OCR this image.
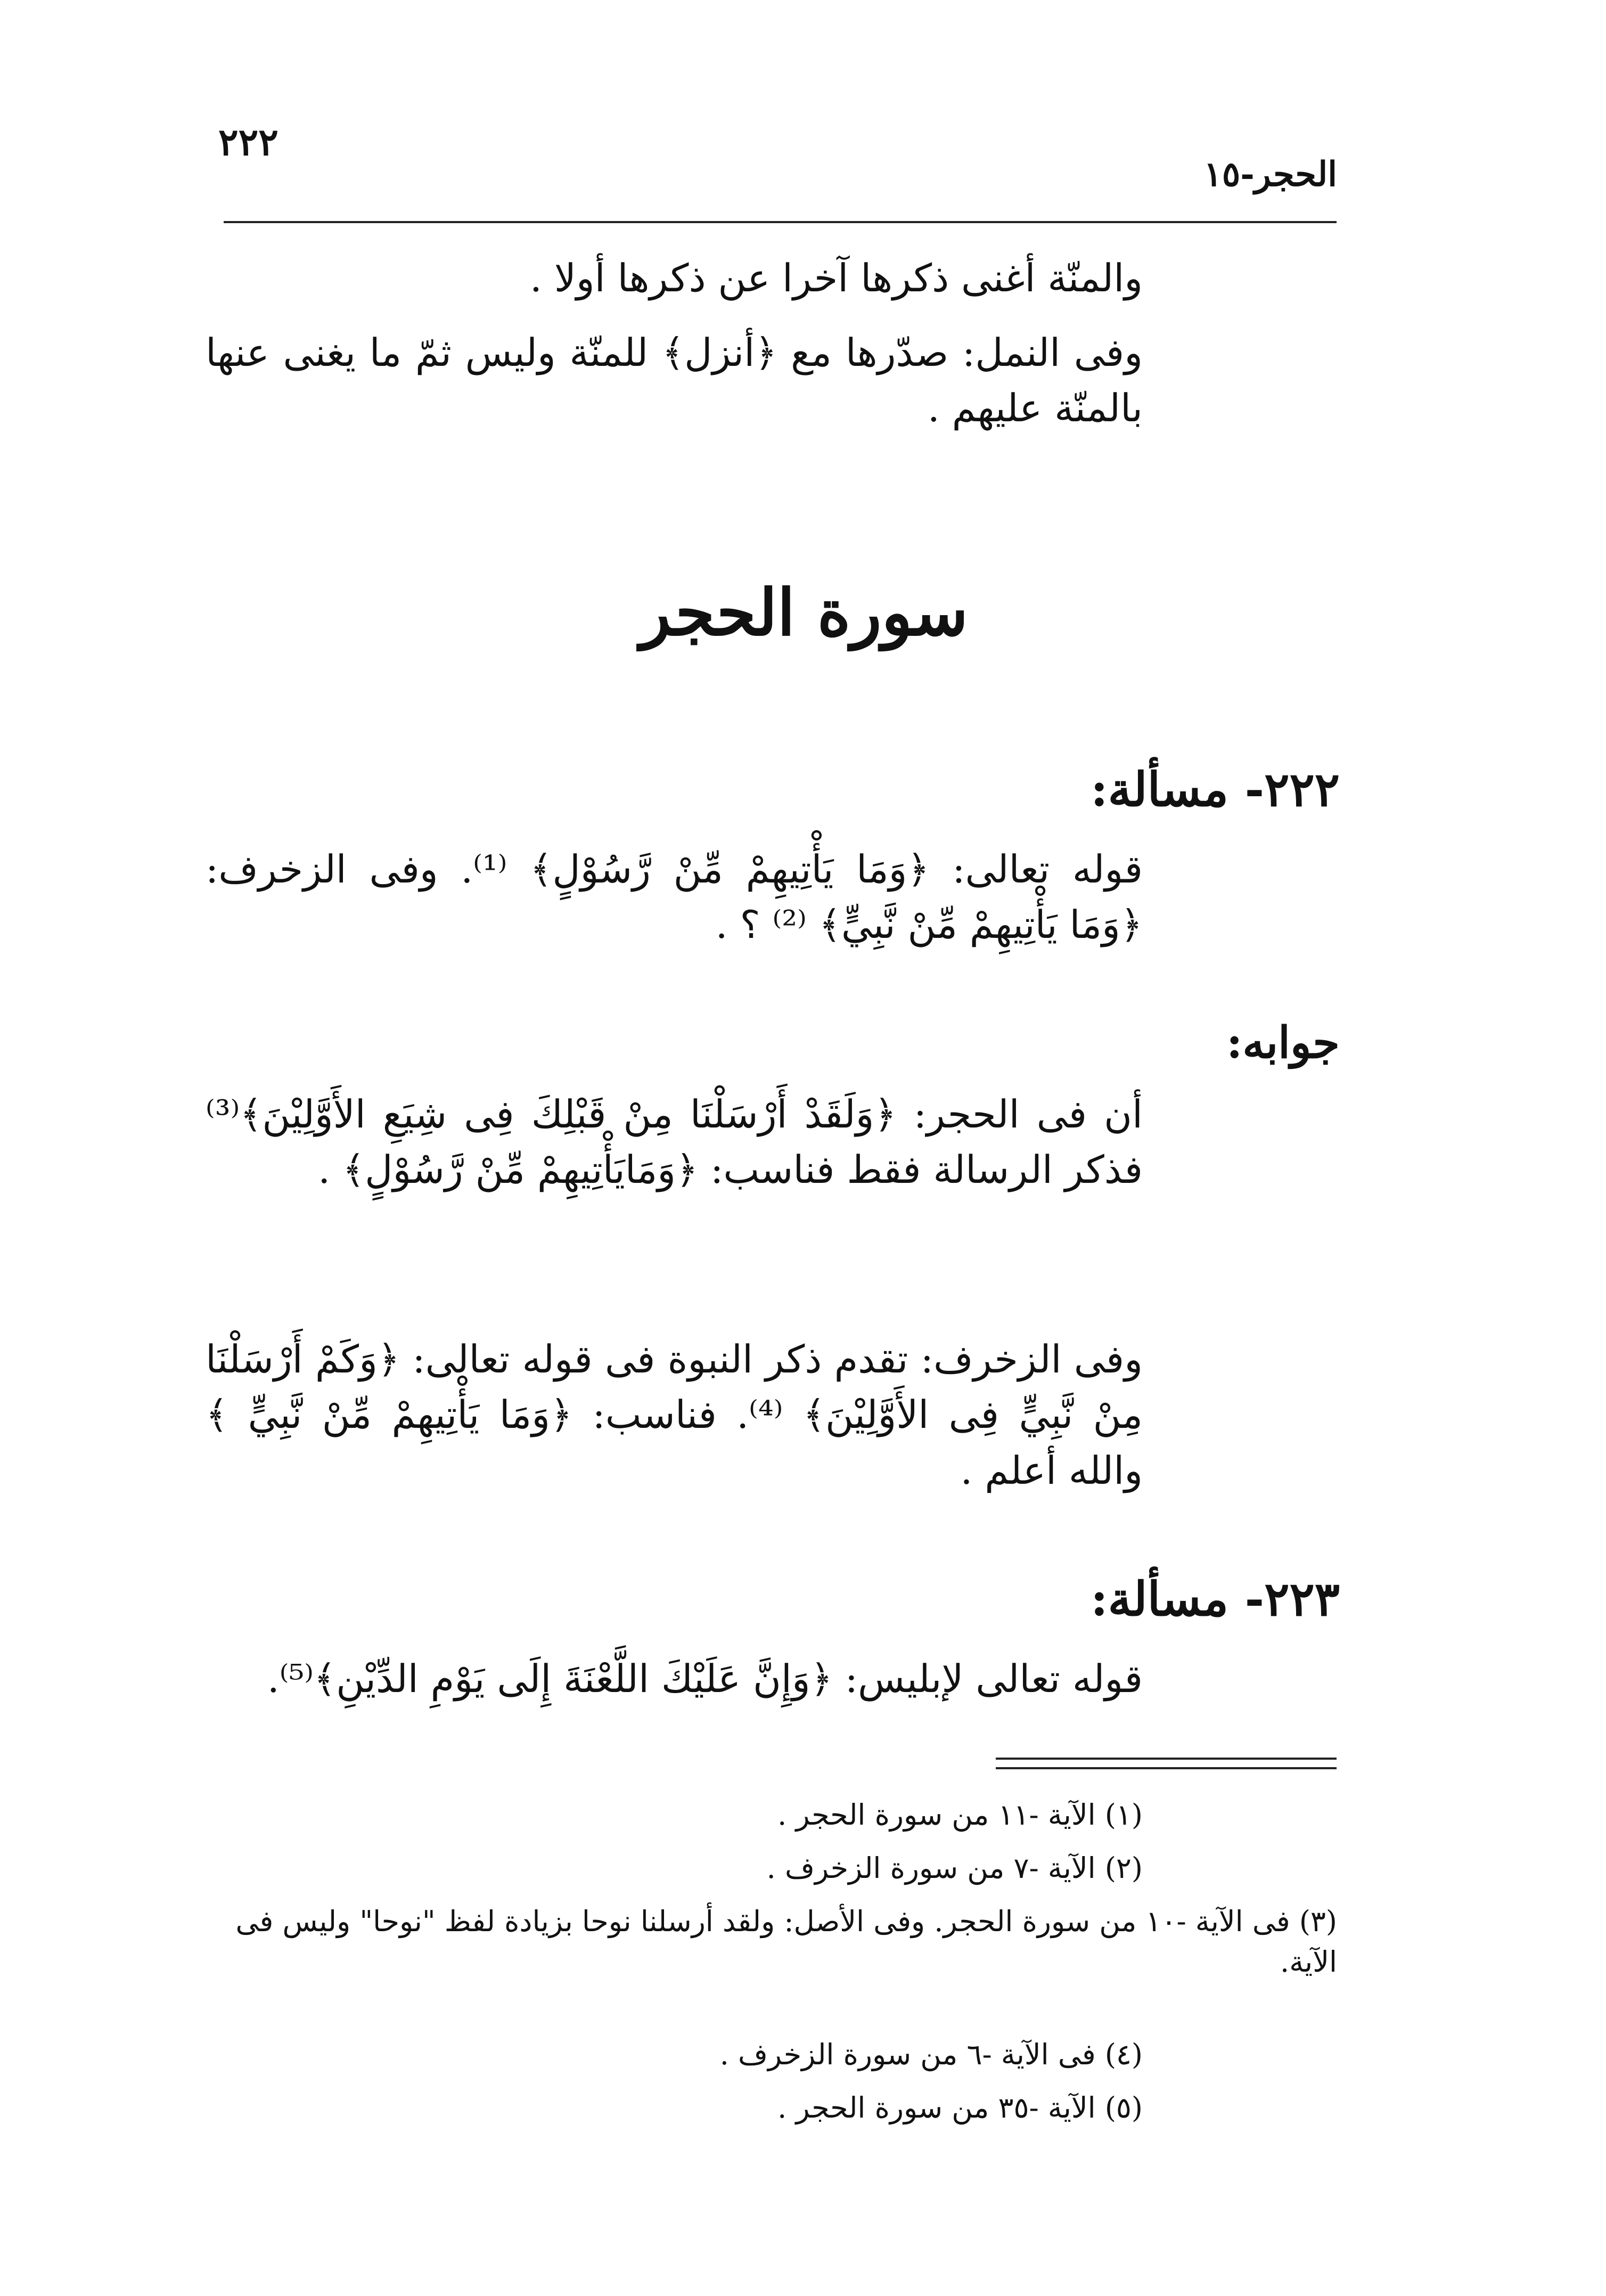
٢٢٢
الحجر-١٥
والمنّة أغنى ذكرها آخرا عن ذكرها أولا .
وفى النمل: صدّرها مع ﴿أنزل﴾ للمنّة وليس ثمّ ما يغنى عنها بالمنّة عليهم .
سورة الحجر
٢٢٢- مسألة:
قوله تعالى: ﴿وَمَا يَأْتِيهِمْ مِّنْ رَّسُوْلٍ﴾ ⁽¹⁾. وفى الزخرف: ﴿وَمَا يَأْتِيهِمْ مِّنْ نَّبِيٍّ﴾ ⁽²⁾ ؟ .
جوابه:
أن فى الحجر: ﴿وَلَقَدْ أَرْسَلْنَا مِنْ قَبْلِكَ فِى شِيَعِ الأَوَّلِيْنَ﴾⁽³⁾ فذكر الرسالة فقط فناسب: ﴿وَمَايَأْتِيهِمْ مِّنْ رَّسُوْلٍ﴾ .
وفى الزخرف: تقدم ذكر النبوة فى قوله تعالى: ﴿وَكَمْ أَرْسَلْنَا مِنْ نَّبِيٍّ فِى الأَوَّلِيْنَ﴾ ⁽⁴⁾. فناسب: ﴿وَمَا يَأْتِيهِمْ مِّنْ نَّبِيٍّ ﴾ والله أعلم .
٢٢٣- مسألة:
قوله تعالى لإبليس: ﴿وَإِنَّ عَلَيْكَ اللَّعْنَةَ إِلَى يَوْمِ الدِّيْنِ﴾⁽⁵⁾.
(١) الآية -١١ من سورة الحجر .
(٢) الآية -٧ من سورة الزخرف .
(٣) فى الآية -١٠ من سورة الحجر. وفى الأصل: ولقد أرسلنا نوحا بزيادة لفظ "نوحا" وليس فى الآية.
(٤) فى الآية -٦ من سورة الزخرف .
(٥) الآية -٣٥ من سورة الحجر .
